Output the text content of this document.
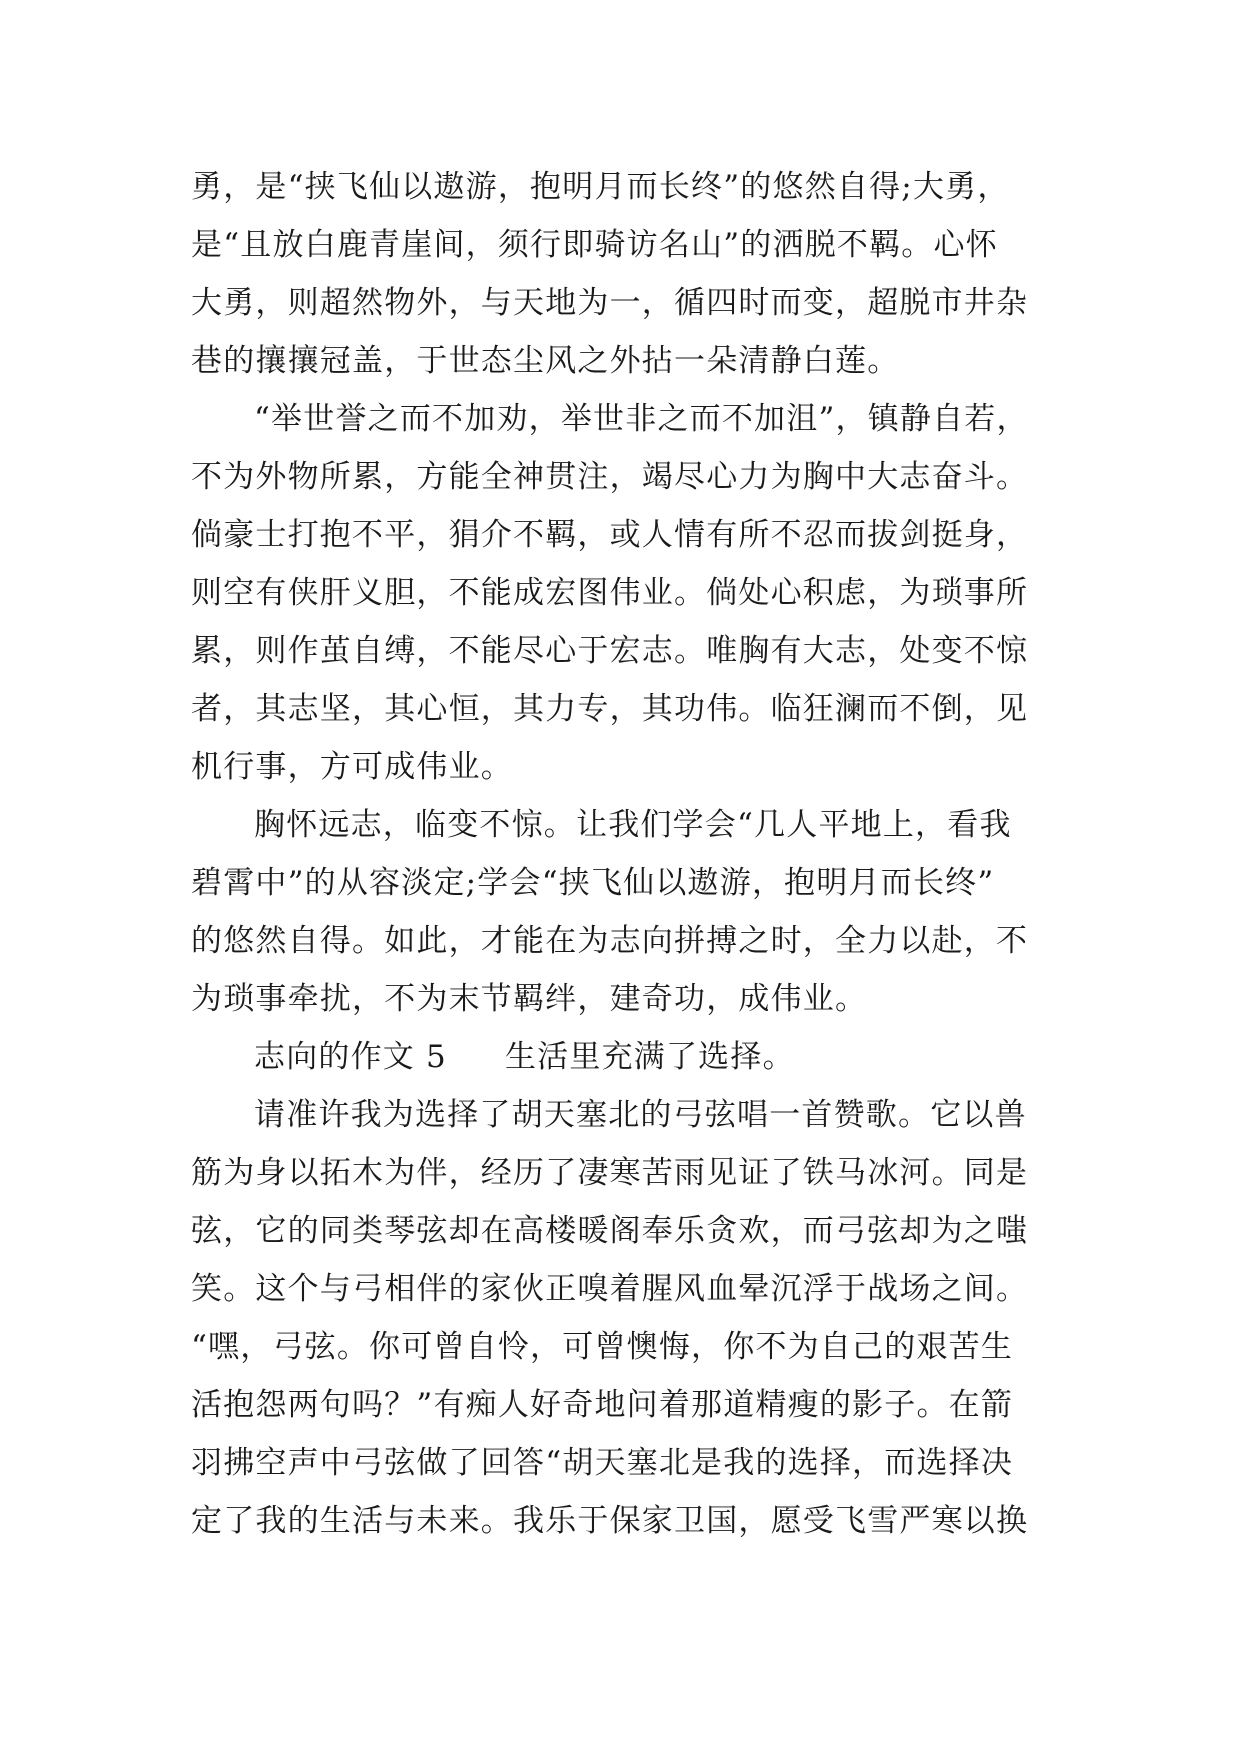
勇，是“挟飞仙以遨游，抱明月而长终”的悠然自得;大勇，
是“且放白鹿青崖间，须行即骑访名山”的洒脱不羁。心怀
大勇，则超然物外，与天地为一，循四时而变，超脱市井杂
巷的攘攘冠盖，于世态尘风之外拈一朵清静白莲。
“举世誉之而不加劝，举世非之而不加沮”，镇静自若，
不为外物所累，方能全神贯注，竭尽心力为胸中大志奋斗。
倘豪士打抱不平，狷介不羁，或人情有所不忍而拔剑挺身，
则空有侠肝义胆，不能成宏图伟业。倘处心积虑，为琐事所
累，则作茧自缚，不能尽心于宏志。唯胸有大志，处变不惊
者，其志坚，其心恒，其力专，其功伟。临狂澜而不倒，见
机行事，方可成伟业。
胸怀远志，临变不惊。让我们学会“几人平地上，看我
碧霄中”的从容淡定;学会“挟飞仙以遨游，抱明月而长终”
的悠然自得。如此，才能在为志向拼搏之时，全力以赴，不
为琐事牵扰，不为末节羁绊，建奇功，成伟业。
志向的作文 5 生活里充满了选择。
请准许我为选择了胡天塞北的弓弦唱一首赞歌。它以兽
筋为身以拓木为伴，经历了凄寒苦雨见证了铁马冰河。同是
弦，它的同类琴弦却在高楼暖阁奉乐贪欢，而弓弦却为之嗤
笑。这个与弓相伴的家伙正嗅着腥风血晕沉浮于战场之间。
“嘿，弓弦。你可曾自怜，可曾懊悔，你不为自己的艰苦生
活抱怨两句吗？”有痴人好奇地问着那道精瘦的影子。在箭
羽拂空声中弓弦做了回答“胡天塞北是我的选择，而选择决
定了我的生活与未来。我乐于保家卫国，愿受飞雪严寒以换
